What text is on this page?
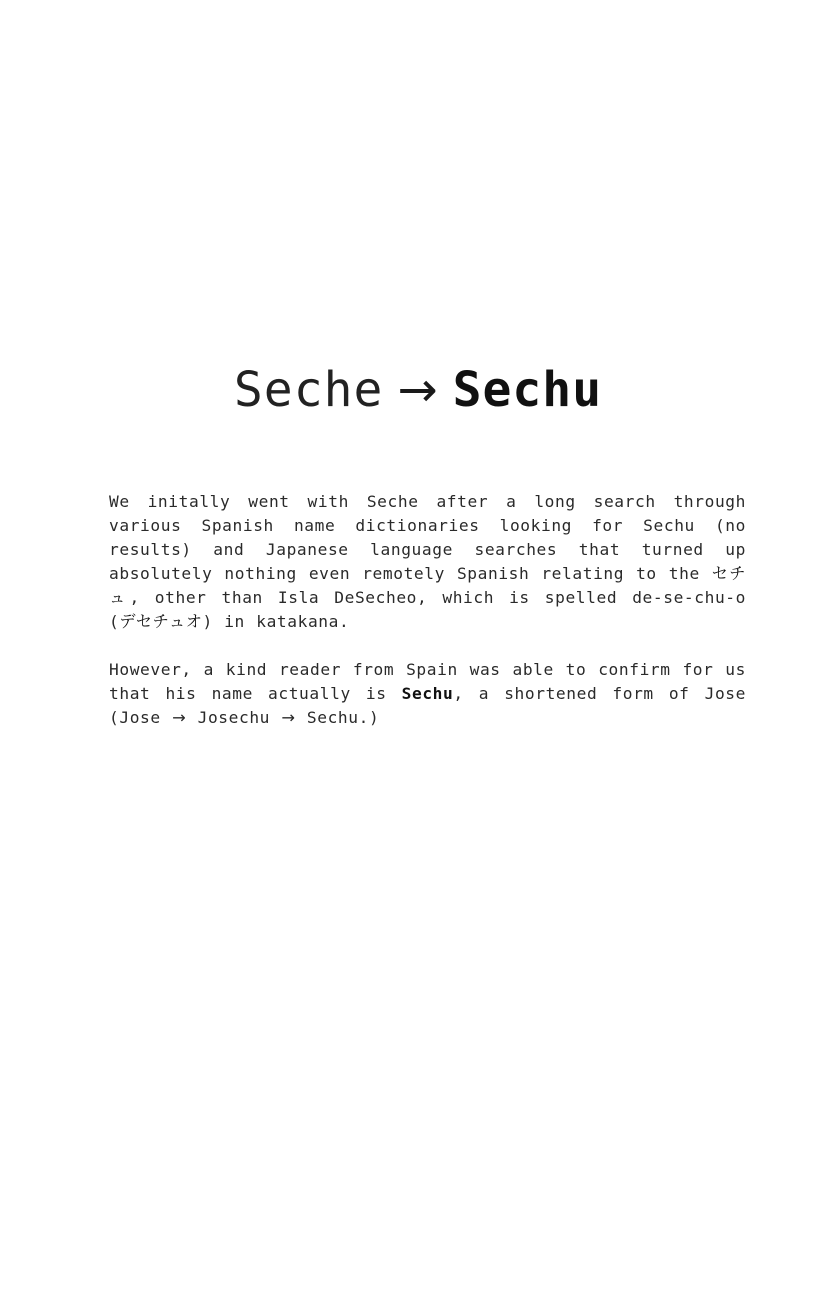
Seche → Sechu

We initally went with Seche after a long search through various Spanish name dictionaries looking for Sechu (no results) and Japanese language searches that turned up absolutely nothing even remotely Spanish relating to the セチュ, other than Isla DeSecheo, which is spelled de-se-chu-o (デセチュオ) in katakana.

However, a kind reader from Spain was able to confirm for us that his name actually is Sechu, a shortened form of Jose (Jose → Josechu → Sechu.)
